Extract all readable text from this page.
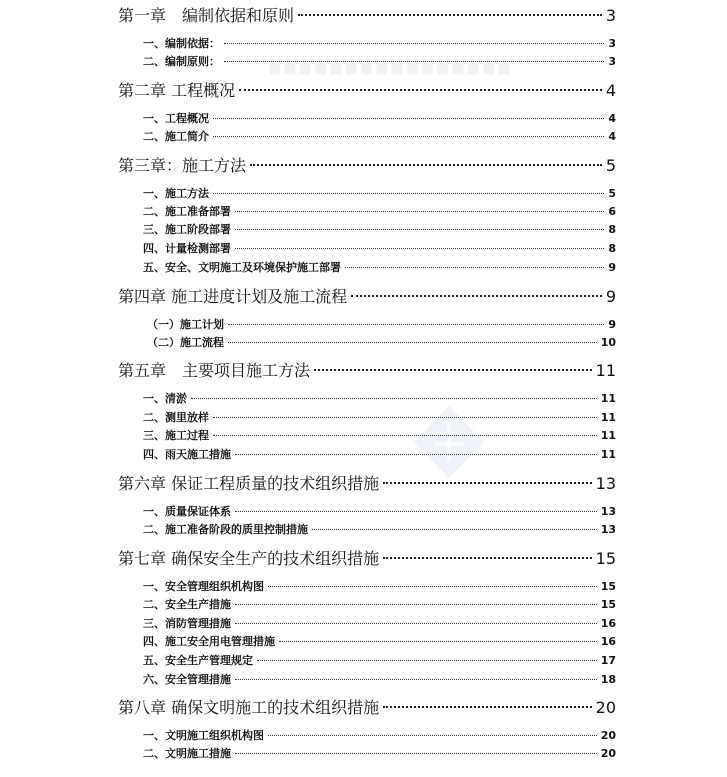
■■■■■■■■■■■■■■■■
第一章　编制依据和原则	3
一、编制依据：	3
二、编制原则：	3
第二章 工程概况	4
一、工程概况	4
二、施工简介	4
第三章：施工方法	5
一、施工方法	5
二、施工准备部署	6
三、施工阶段部署	8
四、计量检测部署	8
五、安全、文明施工及环境保护施工部署	9
第四章 施工进度计划及施工流程	9
（一）施工计划	9
（二）施工流程	10
第五章　主要项目施工方法	11
一、清淤	11
二、测里放样	11
三、施工过程	11
四、雨天施工措施	11
第六章 保证工程质量的技术组织措施	13
一、质量保证体系	13
二、施工准备阶段的质里控制措施	13
第七章 确保安全生产的技术组织措施	15
一、安全管理组织机构图	15
二、安全生产措施	15
三、消防管理措施	16
四、施工安全用电管理措施	16
五、安全生产管理规定	17
六、安全管理措施	18
第八章 确保文明施工的技术组织措施	20
一、文明施工组织机构图	20
二、文明施工措施	20
